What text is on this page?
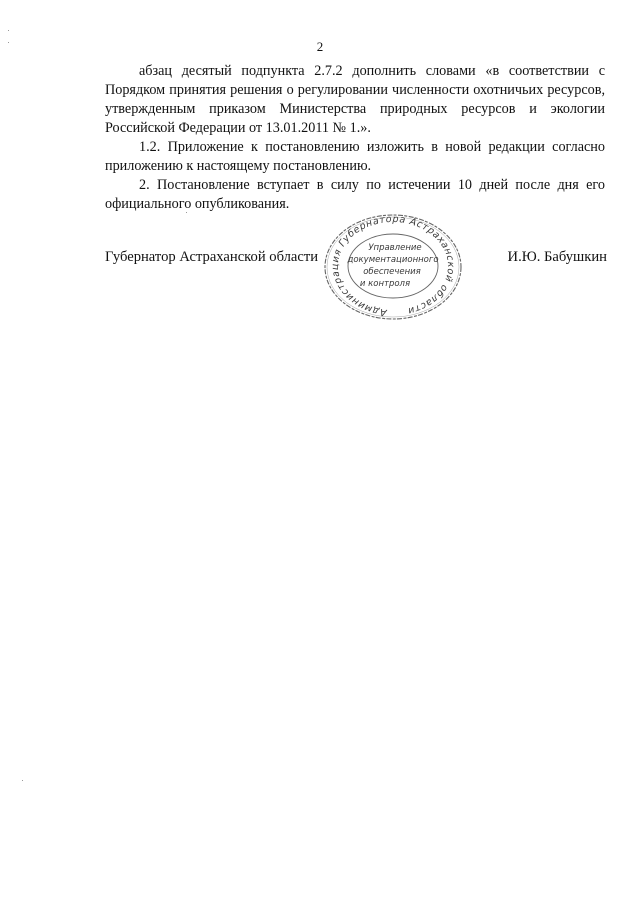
2

абзац десятый подпункта 2.7.2 дополнить словами «в соответствии с Порядком принятия решения о регулировании численности охотничьих ресурсов, утвержденным приказом Министерства природных ресурсов и экологии Российской Федерации от 13.01.2011 № 1.».

1.2. Приложение к постановлению изложить в новой редакции согласно приложению к настоящему постановлению.

2. Постановление вступает в силу по истечении 10 дней после дня его официального опубликования.

Губернатор Астраханской области	И.Ю. Бабушкин
Администрация Губернатора Астраханской области
Управление
документационного
обеспечения
и контроля
